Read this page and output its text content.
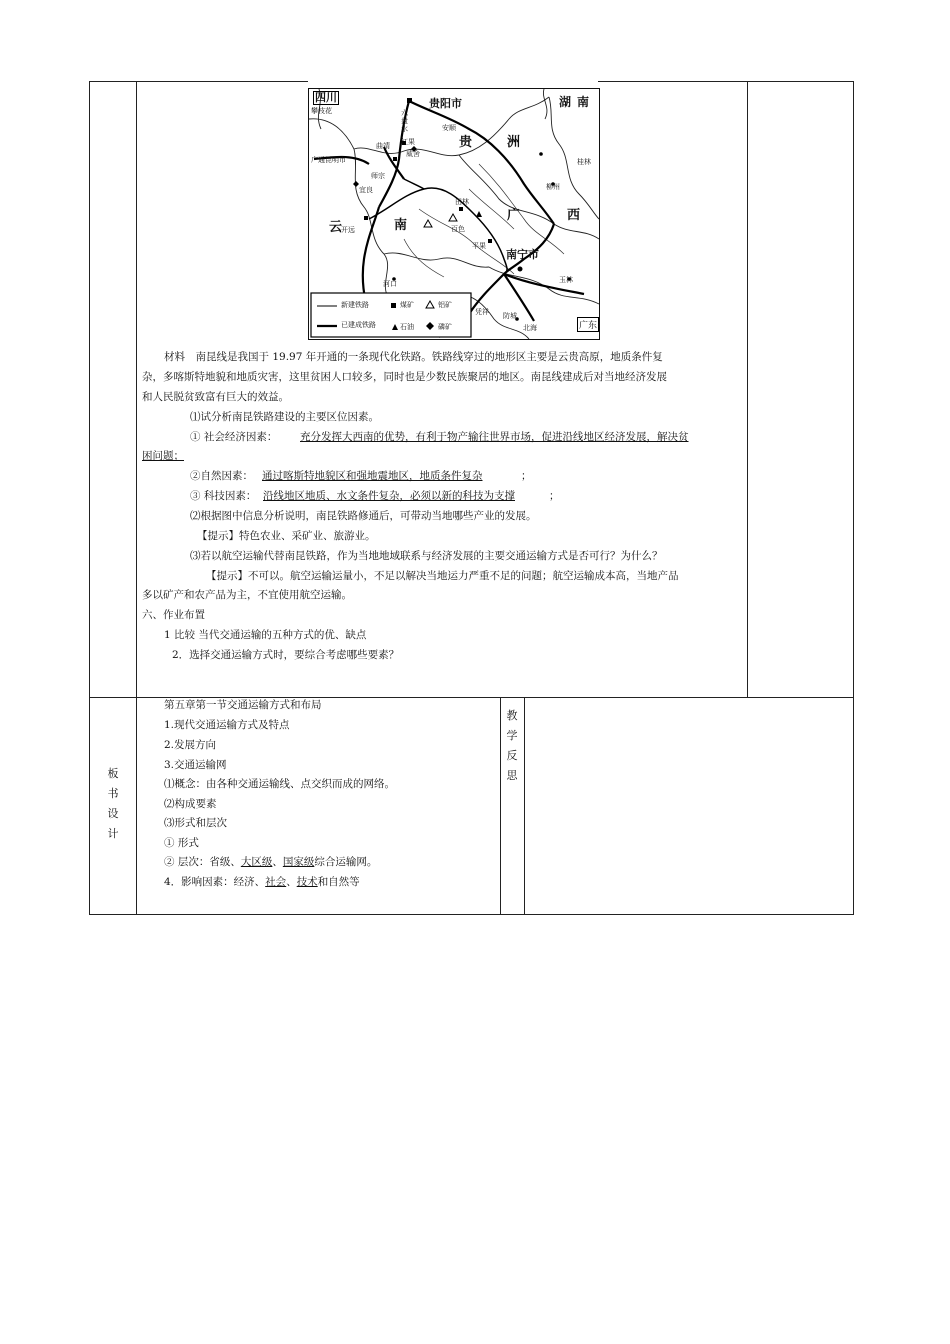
四川
攀枝花
贵阳市	湖南
六盘水
红果
威舍
安顺
贵	洲
曲靖
广通昆明市	桂林
师宗
柳州
宜良
田林
云	南
广	西
开远	百色
平果
南宁市
玉林
河口
凭祥 防城
北海	广东
新建铁路
已建成铁路
煤矿
石油
铝矿
磷矿
材料　南昆线是我国于 19.97 年开通的一条现代化铁路。铁路线穿过的地形区主要是云贵高原，地质条件复
杂，多喀斯特地貌和地质灾害，这里贫困人口较多，同时也是少数民族聚居的地区。南昆线建成后对当地经济发展
和人民脱贫致富有巨大的效益。
⑴试分析南昆铁路建设的主要区位因素。
① 社会经济因素： 充分发挥大西南的优势，有利于物产输往世界市场，促进沿线地区经济发展，解决贫
困问题；
②自然因素： 通过喀斯特地貌区和强地震地区，地质条件复杂	；
③ 科技因素： 沿线地区地质、水文条件复杂，必须以新的科技为支撑	；
⑵根据图中信息分析说明，南昆铁路修通后，可带动当地哪些产业的发展。
【提示】特色农业、采矿业、旅游业。
⑶若以航空运输代替南昆铁路，作为当地地域联系与经济发展的主要交通运输方式是否可行？为什么？
【提示】不可以。航空运输运量小，不足以解决当地运力严重不足的问题；航空运输成本高，当地产品
多以矿产和农产品为主，不宜使用航空运输。
六、作业布置
1 比较 当代交通运输的五种方式的优、缺点
2．选择交通运输方式时，要综合考虑哪些要素？
板
书
设
计
第五章第一节交通运输方式和布局
1.现代交通运输方式及特点
2.发展方向
3.交通运输网
⑴概念：由各种交通运输线、点交织而成的网络。
⑵构成要素
⑶形式和层次
① 形式
② 层次：省级、大区级、国家级综合运输网。
4．影响因素：经济、社会、技术和自然等
教
学
反
思
